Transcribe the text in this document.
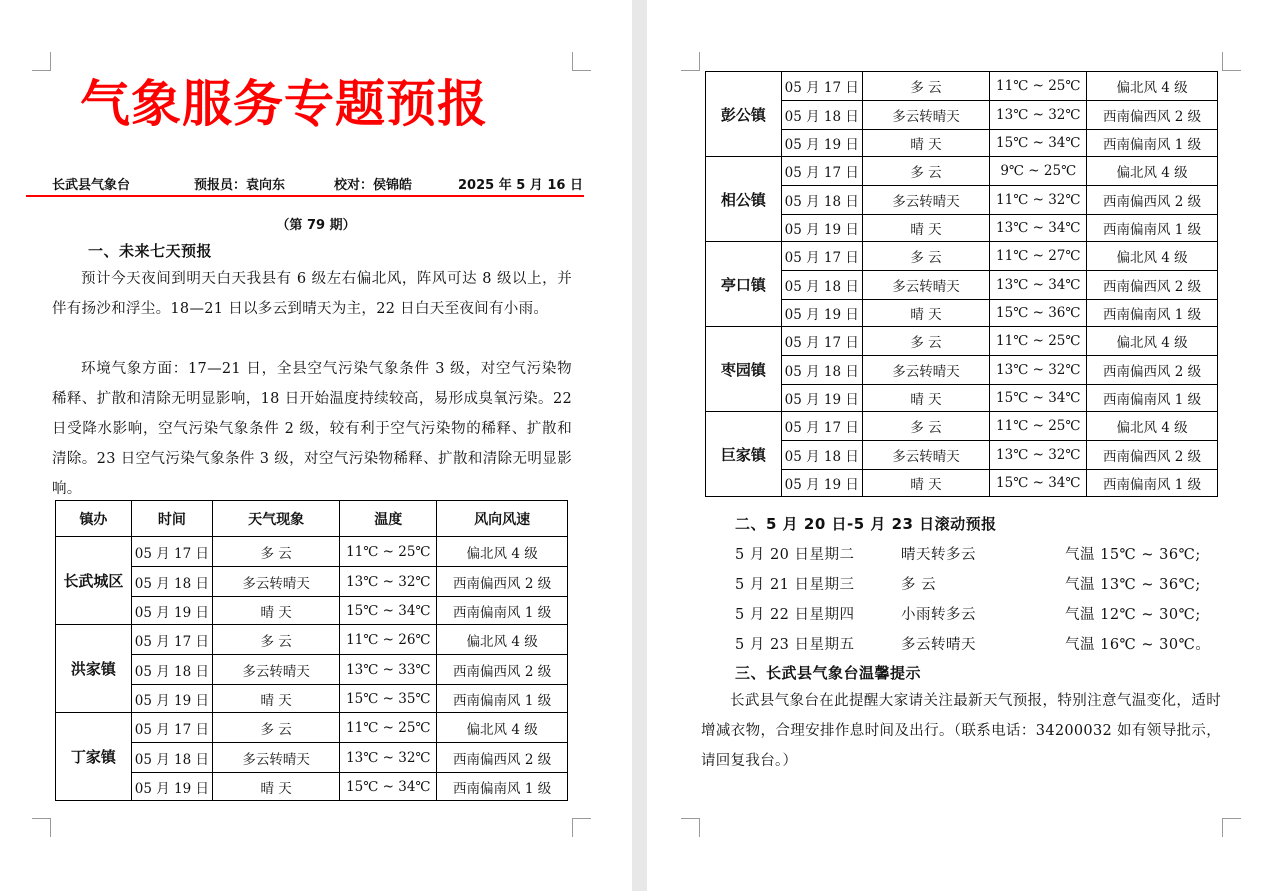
气象服务专题预报
长武县气象台	预报员：袁向东	校对：侯锦皓	2025 年 5 月 16 日
（第 79 期）
一、未来七天预报
预计今天夜间到明天白天我县有 6 级左右偏北风，阵风可达 8 级以上，并伴有扬沙和浮尘。18—21 日以多云到晴天为主，22 日白天至夜间有小雨。
环境气象方面：17—21 日，全县空气污染气象条件 3 级，对空气污染物稀释、扩散和清除无明显影响，18 日开始温度持续较高，易形成臭氧污染。22 日受降水影响，空气污染气象条件 2 级，较有利于空气污染物的稀释、扩散和清除。23 日空气污染气象条件 3 级，对空气污染物稀释、扩散和清除无明显影响。
镇办	时间	天气现象	温度	风向风速
长武城区	05 月 17 日	多 云	11℃ ~ 25℃	偏北风 4 级
	05 月 18 日	多云转晴天	13℃ ~ 32℃	西南偏西风 2 级
	05 月 19 日	晴 天	15℃ ~ 34℃	西南偏南风 1 级
洪家镇	05 月 17 日	多 云	11℃ ~ 26℃	偏北风 4 级
	05 月 18 日	多云转晴天	13℃ ~ 33℃	西南偏西风 2 级
	05 月 19 日	晴 天	15℃ ~ 35℃	西南偏南风 1 级
丁家镇	05 月 17 日	多 云	11℃ ~ 25℃	偏北风 4 级
	05 月 18 日	多云转晴天	13℃ ~ 32℃	西南偏西风 2 级
	05 月 19 日	晴 天	15℃ ~ 34℃	西南偏南风 1 级
彭公镇	05 月 17 日	多 云	11℃ ~ 25℃	偏北风 4 级
	05 月 18 日	多云转晴天	13℃ ~ 32℃	西南偏西风 2 级
	05 月 19 日	晴 天	15℃ ~ 34℃	西南偏南风 1 级
相公镇	05 月 17 日	多 云	9℃ ~ 25℃	偏北风 4 级
	05 月 18 日	多云转晴天	11℃ ~ 32℃	西南偏西风 2 级
	05 月 19 日	晴 天	13℃ ~ 34℃	西南偏南风 1 级
亭口镇	05 月 17 日	多 云	11℃ ~ 27℃	偏北风 4 级
	05 月 18 日	多云转晴天	13℃ ~ 34℃	西南偏西风 2 级
	05 月 19 日	晴 天	15℃ ~ 36℃	西南偏南风 1 级
枣园镇	05 月 17 日	多 云	11℃ ~ 25℃	偏北风 4 级
	05 月 18 日	多云转晴天	13℃ ~ 32℃	西南偏西风 2 级
	05 月 19 日	晴 天	15℃ ~ 34℃	西南偏南风 1 级
巨家镇	05 月 17 日	多 云	11℃ ~ 25℃	偏北风 4 级
	05 月 18 日	多云转晴天	13℃ ~ 32℃	西南偏西风 2 级
	05 月 19 日	晴 天	15℃ ~ 34℃	西南偏南风 1 级
二、5 月 20 日-5 月 23 日滚动预报
5 月 20 日星期二	晴天转多云	气温 15℃ ~ 36℃;
5 月 21 日星期三	多 云	气温 13℃ ~ 36℃;
5 月 22 日星期四	小雨转多云	气温 12℃ ~ 30℃;
5 月 23 日星期五	多云转晴天	气温 16℃ ~ 30℃。
三、长武县气象台温馨提示
长武县气象台在此提醒大家请关注最新天气预报，特别注意气温变化，适时增减衣物，合理安排作息时间及出行。（联系电话：34200032 如有领导批示，请回复我台。）
